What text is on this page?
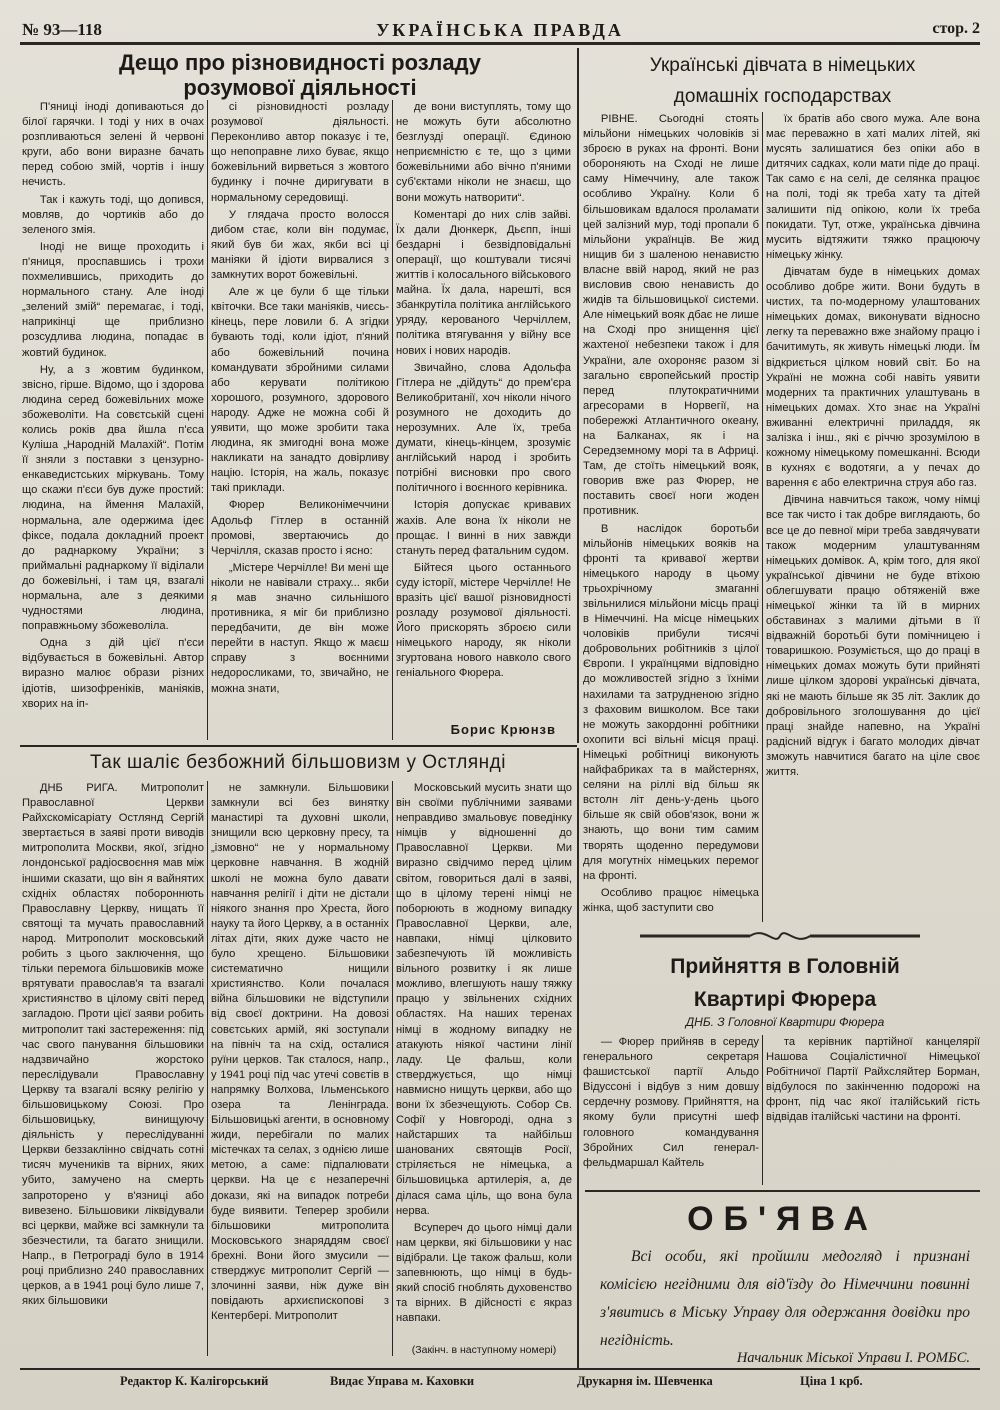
№ 93—118	УКРАЇНСЬКА ПРАВДА	стор. 2
Дещо про різновидності розладу
розумової діяльності

П'яниці іноді допиваються до білої гарячки. І тоді у них в очах розпливаються зелені й червоні круги, або вони виразне бачать перед собою змій, чортів і іншу нечисть.

Так і кажуть тоді, що допився, мовляв, до чортиків або до зеленого змія.

Іноді не вище проходить і п'яниця, проспавшись і трохи похмелившись, приходить до нормального стану. Але іноді „зелений змій“ перемагає, і тоді, наприкінці ще приблизно розсудлива людина, попадає в жовтий будинок.

Ну, а з жовтим будинком, звісно, гірше. Відомо, що і здорова людина серед божевільних може збожеволіти. На совєтській сцені колись років два йшла п'єса Куліша „Народній Малахій“. Потім її зняли з поставки з цензурно-енкаведистських міркувань. Тому що скажи п'єси був дуже простий: людина, на ймення Малахій, нормальна, але одержима ідеє фіксе, подала докладний проект до раднаркому України; з приймальні раднаркому її віділали до божевільні, і там ця, взагалі нормальна, але з деякими чудностями людина, поправжньому збожеволіла.

Одна з дій цієї п'єси відбувається в божевільні. Автор виразно малює образи різних ідіотів, шизофреніків, маніяків, хворих на іп-

сі різновидності розладу розумової діяльності. Переконливо автор показує і те, що непоправне лихо буває, якщо божевільний вирветься з жовтого будинку і почне диригувати в нормальному середовищі.

У глядача просто волосся дибом стає, коли він подумає, який був би жах, якби всі ці маніяки й ідіоти вирвалися з замкнутих ворот божевільні.

Але ж це були б ще тільки квіточки. Все таки маніяків, чиєсь-кінець, пере ловили б. А згідки бувають тоді, коли ідіот, п'яний або божевільний почина командувати збройними силами або керувати політикою хорошого, розумного, здорового народу. Адже не можна собі й уявити, що може зробити така людина, як змигодні вона може накликати на занадто довірливу націю. Історія, на жаль, показує такі приклади.

Фюрер Великонімеччини Адольф Гітлер в останній промові, звертаючись до Черчілля, сказав просто і ясно:

„Містере Черчілле! Ви мені ще ніколи не навівали страху... якби я мав значно сильнішого противника, я міг би приблизно передбачити, де він може перейти в наступ. Якщо ж маєш справу з воєнними недоросликами, то, звичайно, не можна знати,

де вони виступлять, тому що не можуть бути абсолютно безглузді операції. Єдиною неприємністю є те, що з цими божевільними або вічно п'яними суб'єктами ніколи не знаєш, що вони можуть натворити“.

Коментарі до них слів зайві. Їх дали Дюнкерк, Дьєпп, інші бездарні і безвідповідальні операції, що коштували тисячі життів і колосального військового майна. Їх дала, нарешті, вся збанкрутіла політика англійського уряду, керованого Черчіллем, політика втягування у війну все нових і нових народів.

Звичайно, слова Адольфа Гітлера не „дійдуть“ до прем'єра Великобританії, хоч ніколи нічого розумного не доходить до нерозумних. Але їх, треба думати, кінець-кінцем, зрозуміє англійський народ і зробить потрібні висновки про свого політичного і воєнного керівника.

Історія допускає кривавих жахів. Але вона їх ніколи не прощає. І винні в них завжди стануть перед фатальним судом.

Бійтеся цього останнього суду історії, містере Черчілле! Не вразіть цієї вашої різновидності розладу розумової діяльності. Його прискорять зброєю сили німецького народу, як ніколи згуртована нового навколо свого геніального Фюрера.

Борис Крюнзв
Українські дівчата в німецьких
домашніх господарствах

РІВНЕ. Сьогодні стоять мільйони німецьких чоловіків зі зброєю в руках на фронті. Вони обороняють на Сході не лише саму Німеччину, але також особливо Україну. Коли б більшовикам вдалося проламати цей залізний мур, тоді пропали б мільйони українців. Ве жид нищив би з шаленою ненавистю власне ввій народ, який не раз висловив свою ненависть до жидів та більшовицької системи. Але німецький вояк дбає не лише на Сході про знищення цієї жахтеної небезпеки також і для України, але охороняє разом зі загально європейський простір перед плутократичними агресорами в Норвегії, на побережжі Атлантичного океану, на Балканах, як і на Середземному морі та в Африці. Там, де стоїть німецький вояк, говорив вже раз Фюрер, не поставить своєї ноги жоден противник.

В наслідок боротьби мільйонів німецьких вояків на фронті та кривавої жертви німецького народу в цьому трьохрічному змаганні звільнилися мільйони місць праці в Німеччині. На місце німецьких чоловіків прибули тисячі добровольних робітників з цілої Європи. І українцями відповідно до можливостей згідно з їхніми нахилами та затрудненою згідно з фаховим вишколом. Все таки не можуть закордонні робітники охопити всі вільні місця праці. Німецькі робітниці виконують найфабриках та в майстернях, селяни на ріллі від більш як встолн літ день-у-день цього більше як свій обов'язок, вони ж знають, що вони тим самим творять щоденно передумови для могутніх німецьких перемог на фронті.

Особливо працює німецька жінка, щоб заступити сво

їх братів або свого мужа. Але вона має переважно в хаті малих літей, які мусять залишатися без опіки або в дитячих садках, коли мати піде до праці. Так само є на селі, де селянка працює на полі, тоді як треба хату та дітей залишити під опікою, коли їх треба покидати. Тут, отже, українська дівчина мусить відтяжити тяжко працюючу німецьку жінку.

Дівчатам буде в німецьких домах особливо добре жити. Вони будуть в чистих, та по-модерному улаштованих німецьких домах, виконувати відносно легку та переважно вже знайому працю і бачитимуть, як живуть німецькі люди. Їм відкриється цілком новий світ. Бо на Україні не можна собі навіть уявити модерних та практичних улаштувань в німецьких домах. Хто знає на Україні вживанні електричні приладдя, як залізка і інш., які є річчю зрозумілою в кожному німецькому помешканні. Всюди в кухнях є водотяги, а у печах до варення є або електрична струя або газ.

Дівчина навчиться також, чому німці все так чисто і так добре виглядають, бо все це до певної міри треба завдячувати також модерним улаштуванням німецьких домівок. А, крім того, для якої української дівчини не буде втіхою облегшувати працю обтяженій вже німецької жінки та їй в мирних обставинах з малими дітьми в її відважній боротьбі бути помічницею і товаришкою. Розуміється, що до праці в німецьких домах можуть бути прийняті лише цілком здорові українські дівчата, які не мають більше як 35 літ. Заклик до добровільного зголошування до цієї праці знайде напевно, на Україні радісний відгук і багато молодих дівчат зможуть навчитися багато на ціле своє життя.

Так шаліє безбожний більшовизм у Остлянді

ДНБ РИГА. Митрополит Православної Церкви Райхскомісаріату Остлянд Сергій звертається в заяві проти виводів митрополита Москви, якої, згідно лондонської радіосвоєння мав між іншими сказати, що він я вайнятих східніх областях побороннють Православну Церкву, нищать її святощі та мучать православний народ. Митрополит московський робить з цього заключення, що тільки перемога більшовиків може врятувати православ'я та взагалі християнство в цілому світі перед загладою. Проти цієї заяви робить митрополит такі застереження: під час свого панування більшовики надзвичайно жорстоко переслідували Православну Церкву та взагалі всяку релігію у більшовицькому Союзі. Про більшовицьку, винищуючу діяльність у переслідуванні Церкви беззаклінно свідчать сотні тисяч мучеників та вірних, яких убито, замучено на смерть запроторено у в'язниці або вивезено. Більшовики ліквідували всі церкви, майже всі замкнули та збезчестили, та багато знищили. Напр., в Петрограді було в 1914 році приблизно 240 православних церков, а в 1941 році було лише 7, яких більшовики

не замкнули. Більшовики замкнули всі без винятку манастирі та духовні школи, знищили всю церковну пресу, та „ізмовно“ не у нормальному церковне навчання. В жодній школі не можна було давати навчання релігії і діти не дістали ніякого знання про Хреста, його науку та його Церкву, а в останніх літах діти, яких дуже часто не було хрещено. Більшовики систематично нищили християнство. Коли почалася війна більшовики не відступили від своєї доктрини. На довозі совєтських армій, які зоступали на північ та на схід, осталися руїни церков. Так сталося, напр., у 1941 році під час утечі совєтів в напрямку Волхова, Ільменського озера та Ленінграда. Більшовицькі агенти, в основному жиди, перебігали по малих містечках та селах, з однією лише метою, а саме: підпалювати церкви. На це є незаперечні докази, які на випадок потреби буде виявити. Теперер зробили більшовики митрополита Московського знаряддям своєї брехні. Вони його змусили — стверджує митрополит Сергій — злочинні заяви, ніж дуже він повідають архиєпископові з Кентербері. Митрополит

Московський мусить знати що він своїми публічними заявами неправдиво змальовує поведінку німців у відношенні до Православної Церкви. Ми виразно свідчимо перед цілим світом, говориться далі в заяві, що в цілому терені німці не поборюють в жодному випадку Православної Церкви, але, навпаки, німці цілковито забезпечують їй можливість вільного розвитку і як лише можливо, влегшують нашу тяжку працю у звільнених східних областях. На наших теренах німці в жодному випадку не атакують ніякої частини лінії ладу. Це фальш, коли стверджується, що німці навмисно нищуть церкви, або що вони їх збезчещують. Собор Св. Софії у Новгороді, одна з найстарших та найбільш шанованих святощів Росії, стріляється не німецька, а більшовицька артилерія, а, де ділася сама ціль, що вона була нерва.

Всупереч до цього німці дали нам церкви, які більшовики у нас відібрали. Це також фальш, коли запевнюють, що німці в будь-який спосіб гноблять духовенство та вірних. В дійсності є якраз навпаки.

(Закінч. в наступному номері)
Прийняття в Головній
Квартирі Фюрера
ДНБ. З Головної Квартири Фюрера

— Фюрер прийняв в середу генерального секретаря фашистської партії Альдо Відуссоні і відбув з ним довшу сердечну розмову. Прийняття, на якому були присутні шеф головного командування Збройних Сил генерал-фельдмаршал Кайтель

та керівник партійної канцелярії Нашова Соціалістичної Німецької Робітничої Партії Райхсляйтер Борман, відбулося по закінченню подорожі на фронт, під час якої італійський гість відвідав італійські частини на фронті.

ОБ'ЯВА
Всі особи, які пройшли медогляд і признані комісією негідними для від'їзду до Німеччини повинні з'явитись в Міську Управу для одержання довідки про негідність.
Начальник Міської Управи І. РОМБС.
Редактор К. Калігорський	Видає Управа м. Каховки	Друкарня ім. Шевченка	Ціна 1 крб.
